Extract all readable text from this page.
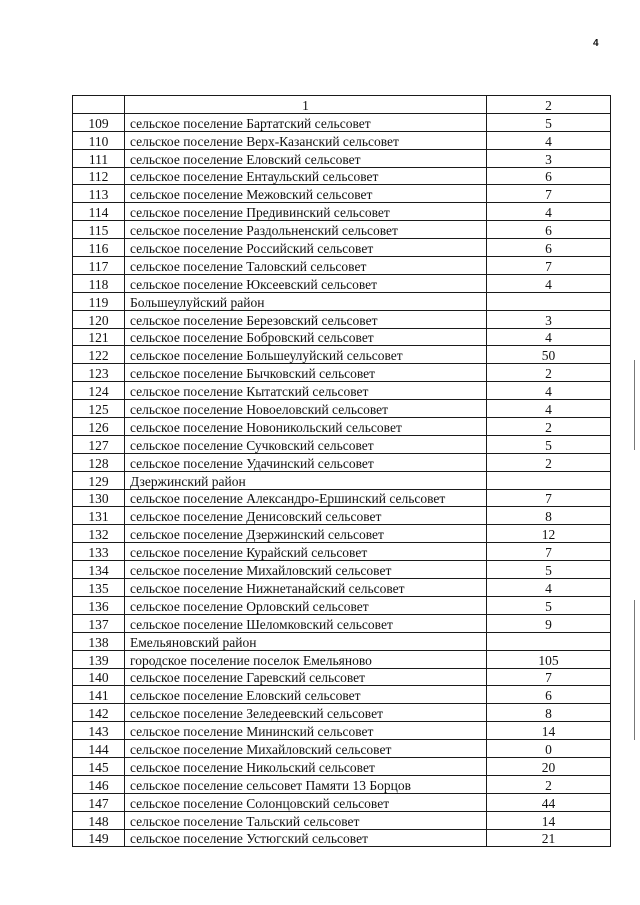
4
	1	2
109	сельское поселение Бартатский сельсовет	5
110	сельское поселение Верх-Казанский сельсовет	4
111	сельское поселение Еловский сельсовет	3
112	сельское поселение Ентаульский сельсовет	6
113	сельское поселение Межовский сельсовет	7
114	сельское поселение Предивинский сельсовет	4
115	сельское поселение Раздольненский сельсовет	6
116	сельское поселение Российский сельсовет	6
117	сельское поселение Таловский сельсовет	7
118	сельское поселение Юксеевский сельсовет	4
119	Большеулуйский район	
120	сельское поселение Березовский сельсовет	3
121	сельское поселение Бобровский сельсовет	4
122	сельское поселение Большеулуйский сельсовет	50
123	сельское поселение Бычковский сельсовет	2
124	сельское поселение Кытатский сельсовет	4
125	сельское поселение Новоеловский сельсовет	4
126	сельское поселение Новоникольский сельсовет	2
127	сельское поселение Сучковский сельсовет	5
128	сельское поселение Удачинский сельсовет	2
129	Дзержинский район	
130	сельское поселение Александро-Ершинский сельсовет	7
131	сельское поселение Денисовский сельсовет	8
132	сельское поселение Дзержинский сельсовет	12
133	сельское поселение Курайский сельсовет	7
134	сельское поселение Михайловский сельсовет	5
135	сельское поселение Нижнетанайский сельсовет	4
136	сельское поселение Орловский сельсовет	5
137	сельское поселение Шеломковский сельсовет	9
138	Емельяновский район	
139	городское поселение поселок Емельяново	105
140	сельское поселение Гаревский сельсовет	7
141	сельское поселение Еловский сельсовет	6
142	сельское поселение Зеледеевский сельсовет	8
143	сельское поселение Мининский сельсовет	14
144	сельское поселение Михайловский сельсовет	0
145	сельское поселение Никольский сельсовет	20
146	сельское поселение сельсовет Памяти 13 Борцов	2
147	сельское поселение Солонцовский сельсовет	44
148	сельское поселение Тальский сельсовет	14
149	сельское поселение Устюгский сельсовет	21
